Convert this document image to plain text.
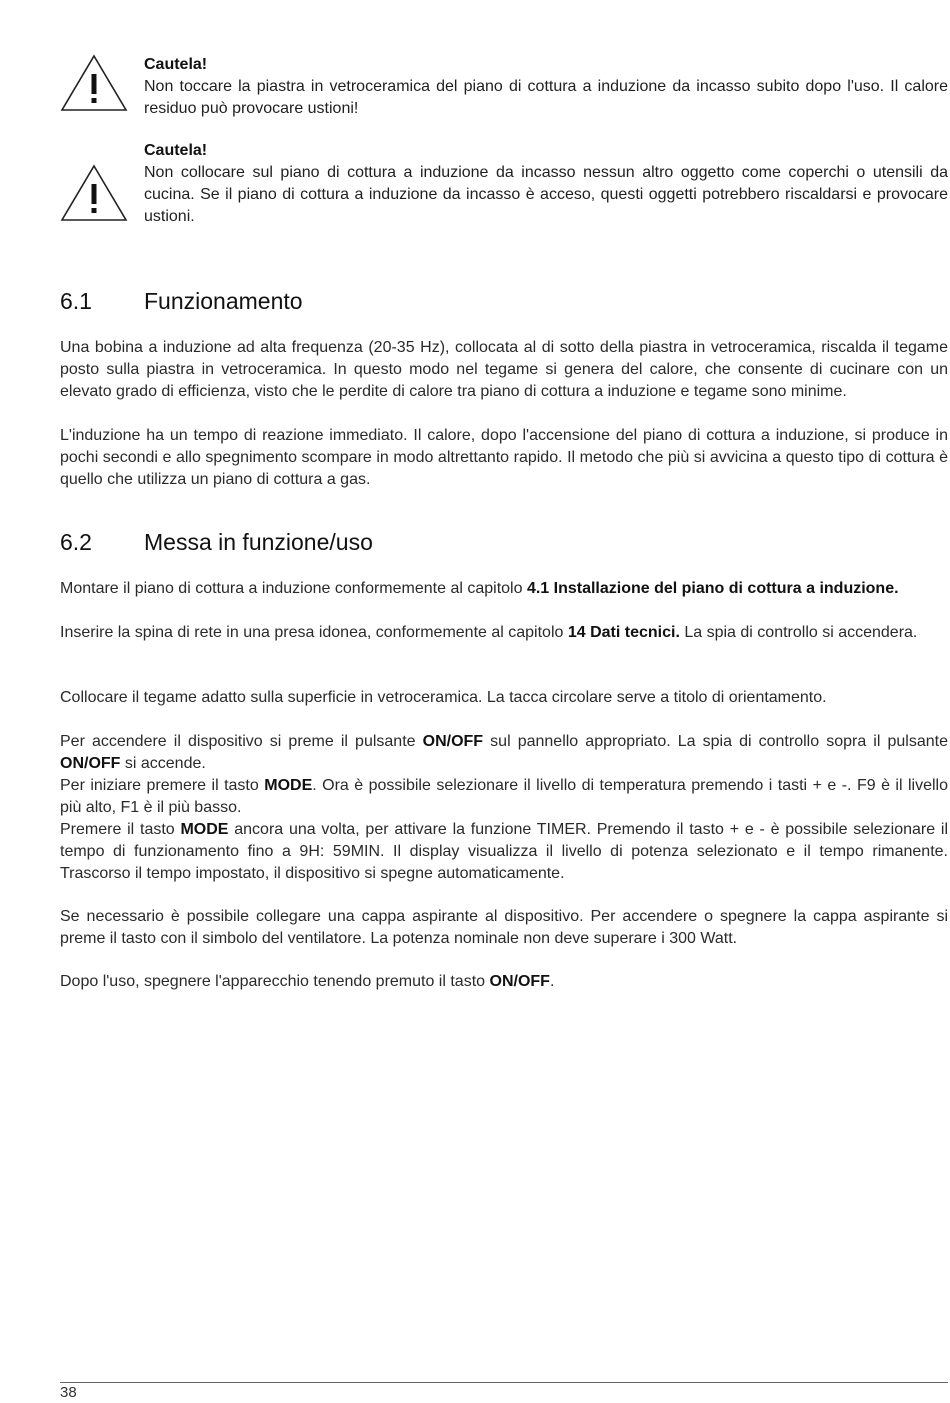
Cautela!
Non toccare la piastra in vetroceramica del piano di cottura a induzione da incasso subito dopo l'uso. Il calore residuo può provocare ustioni!
Cautela!
Non collocare sul piano di cottura a induzione da incasso nessun altro oggetto come coperchi o utensili da cucina. Se il piano di cottura a induzione da incasso è acceso, questi oggetti potrebbero riscaldarsi e provocare ustioni.
6.1 Funzionamento
Una bobina a induzione ad alta frequenza (20-35 Hz), collocata al di sotto della piastra in vetroceramica, riscalda il tegame posto sulla piastra in vetroceramica. In questo modo nel tegame si genera del calore, che consente di cucinare con un elevato grado di efficienza, visto che le perdite di calore tra piano di cottura a induzione e tegame sono minime.
L'induzione ha un tempo di reazione immediato. Il calore, dopo l'accensione del piano di cottura a induzione, si produce in pochi secondi e allo spegnimento scompare in modo altrettanto rapido. Il metodo che più si avvicina a questo tipo di cottura è quello che utilizza un piano di cottura a gas.
6.2 Messa in funzione/uso
Montare il piano di cottura a induzione conformemente al capitolo 4.1 Installazione del piano di cottura a induzione.
Inserire la spina di rete in una presa idonea, conformemente al capitolo 14 Dati tecnici. La spia di controllo si accendera.
Collocare il tegame adatto sulla superficie in vetroceramica. La tacca circolare serve a titolo di orientamento.
Per accendere il dispositivo si preme il pulsante ON/OFF sul pannello appropriato. La spia di controllo sopra il pulsante ON/OFF si accende.
Per iniziare premere il tasto MODE. Ora è possibile selezionare il livello di temperatura premendo i tasti + e -. F9 è il livello più alto, F1 è il più basso.
Premere il tasto MODE ancora una volta, per attivare la funzione TIMER. Premendo il tasto + e - è possibile selezionare il tempo di funzionamento fino a 9H: 59MIN. Il display visualizza il livello di potenza selezionato e il tempo rimanente. Trascorso il tempo impostato, il dispositivo si spegne automaticamente.
Se necessario è possibile collegare una cappa aspirante al dispositivo. Per accendere o spegnere la cappa aspirante si preme il tasto con il simbolo del ventilatore. La potenza nominale non deve superare i 300 Watt.
Dopo l'uso, spegnere l'apparecchio tenendo premuto il tasto ON/OFF.
38
